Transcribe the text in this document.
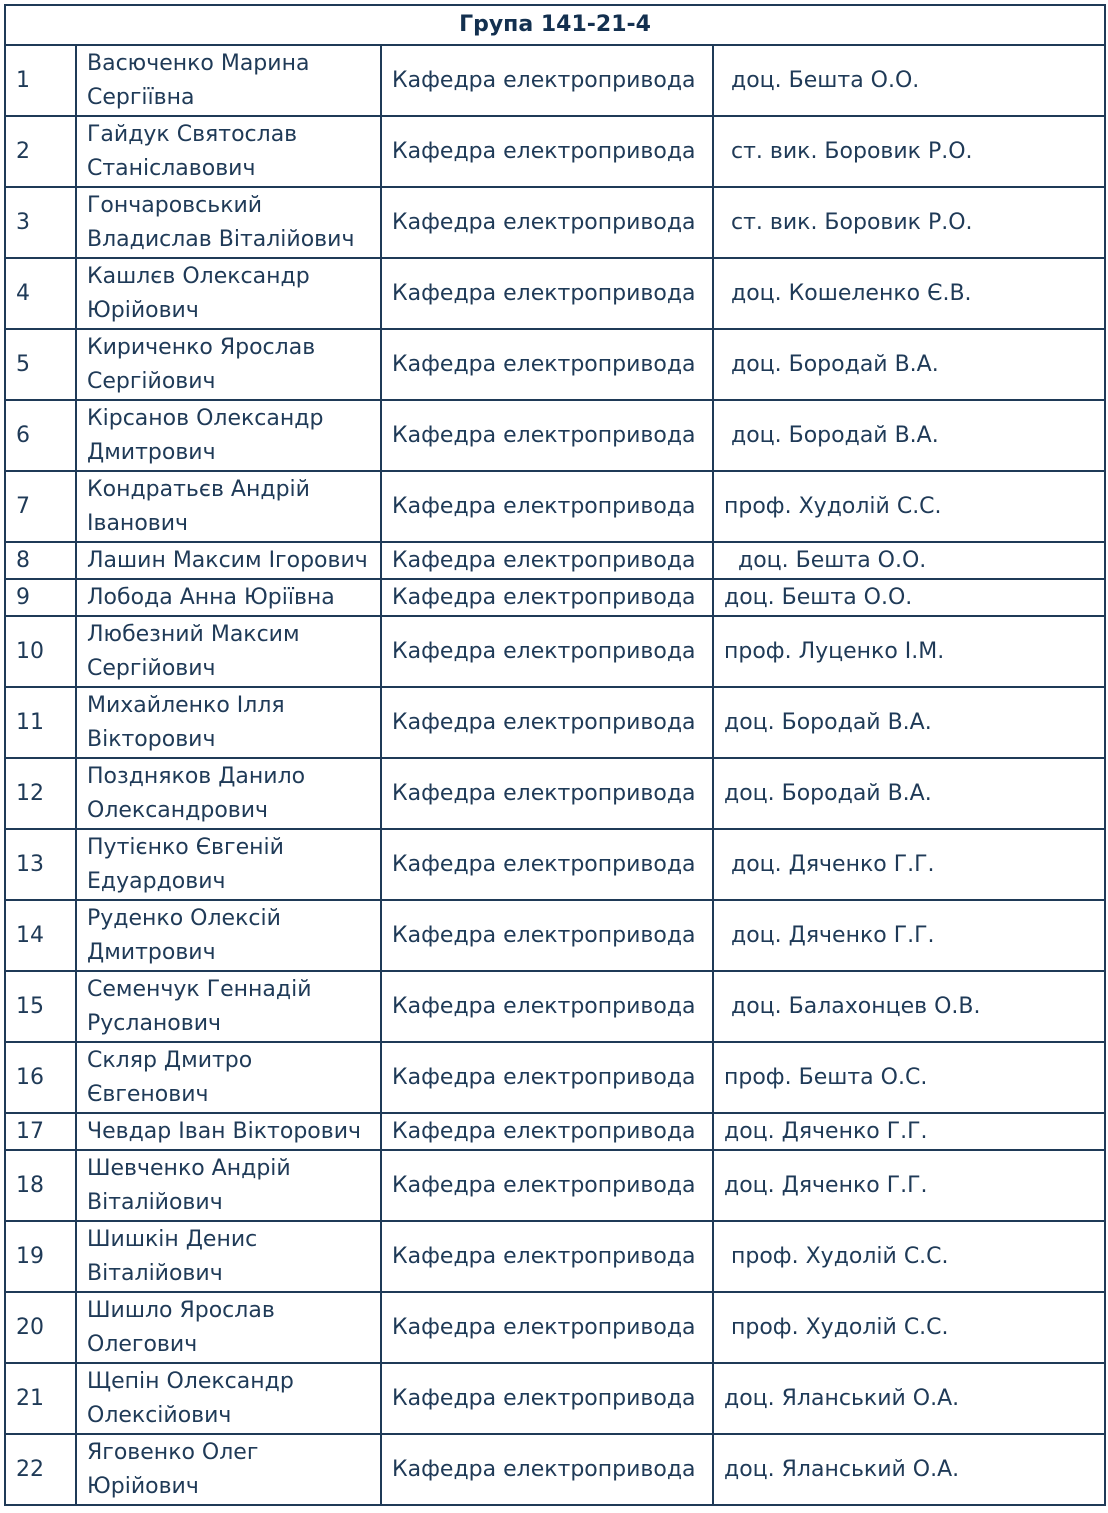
Група 141-21-4			
1	Васюченко Марина Сергіївна	Кафедра електропривода	доц. Бешта О.О.
2	Гайдук Святослав Станіславович	Кафедра електропривода	ст. вик. Боровик Р.О.
3	Гончаровський Владислав Віталійович	Кафедра електропривода	ст. вик. Боровик Р.О.
4	Кашлєв Олександр Юрійович	Кафедра електропривода	доц. Кошеленко Є.В.
5	Кириченко Ярослав Сергійович	Кафедра електропривода	доц. Бородай В.А.
6	Кірсанов Олександр Дмитрович	Кафедра електропривода	доц. Бородай В.А.
7	Кондратьєв Андрій Іванович	Кафедра електропривода	проф. Худолій С.С.
8	Лашин Максим Ігорович	Кафедра електропривода	доц. Бешта О.О.
9	Лобода Анна Юріївна	Кафедра електропривода	доц. Бешта О.О.
10	Любезний Максим Сергійович	Кафедра електропривода	проф. Луценко І.М.
11	Михайленко Ілля Вікторович	Кафедра електропривода	доц. Бородай В.А.
12	Поздняков Данило Олександрович	Кафедра електропривода	доц. Бородай В.А.
13	Путієнко Євгеній Едуардович	Кафедра електропривода	доц. Дяченко Г.Г.
14	Руденко Олексій Дмитрович	Кафедра електропривода	доц. Дяченко Г.Г.
15	Семенчук Геннадій Русланович	Кафедра електропривода	доц. Балахонцев О.В.
16	Скляр Дмитро Євгенович	Кафедра електропривода	проф. Бешта О.С.
17	Чевдар Іван Вікторович	Кафедра електропривода	доц. Дяченко Г.Г.
18	Шевченко Андрій Віталійович	Кафедра електропривода	доц. Дяченко Г.Г.
19	Шишкін Денис Віталійович	Кафедра електропривода	проф. Худолій С.С.
20	Шишло Ярослав Олегович	Кафедра електропривода	проф. Худолій С.С.
21	Щепін Олександр Олексійович	Кафедра електропривода	доц. Яланський О.А.
22	Яговенко Олег Юрійович	Кафедра електропривода	доц. Яланський О.А.
